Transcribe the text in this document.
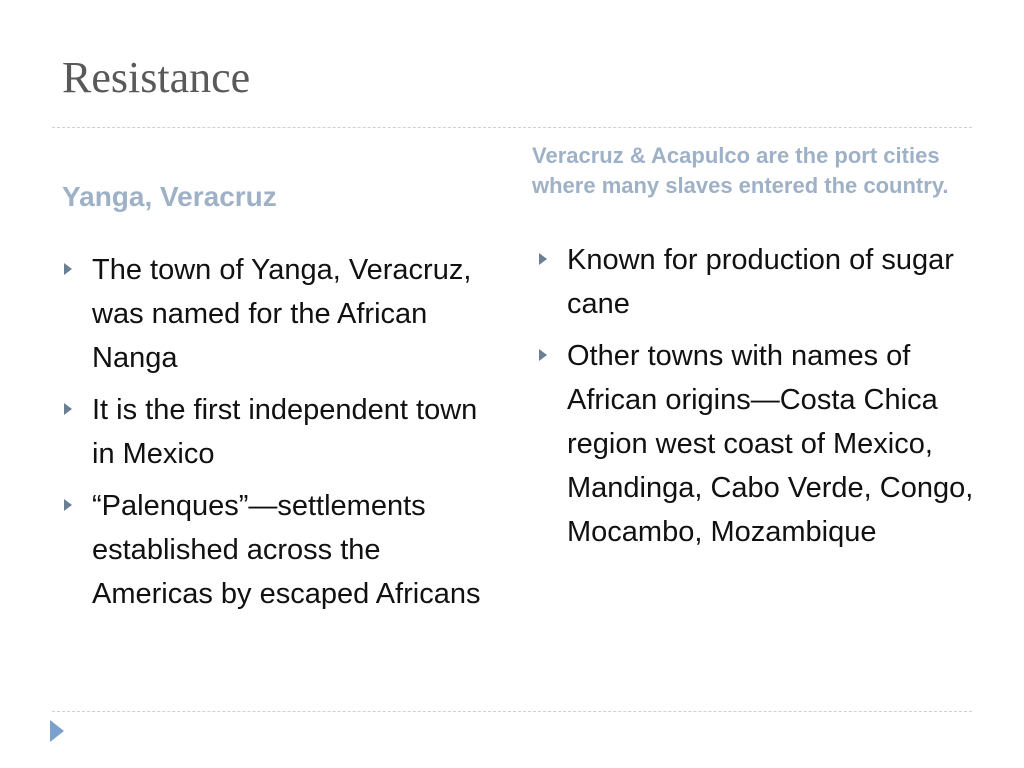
Resistance
Yanga, Veracruz
Veracruz & Acapulco are the port cities where many slaves entered the country.
The town of Yanga, Veracruz, was named for the African Nanga
It is the first independent town in Mexico
“Palenques”—settlements established across the Americas by escaped Africans
Known for production of sugar cane
Other towns with names of African origins—Costa Chica region west coast of Mexico, Mandinga, Cabo Verde, Congo, Mocambo, Mozambique
